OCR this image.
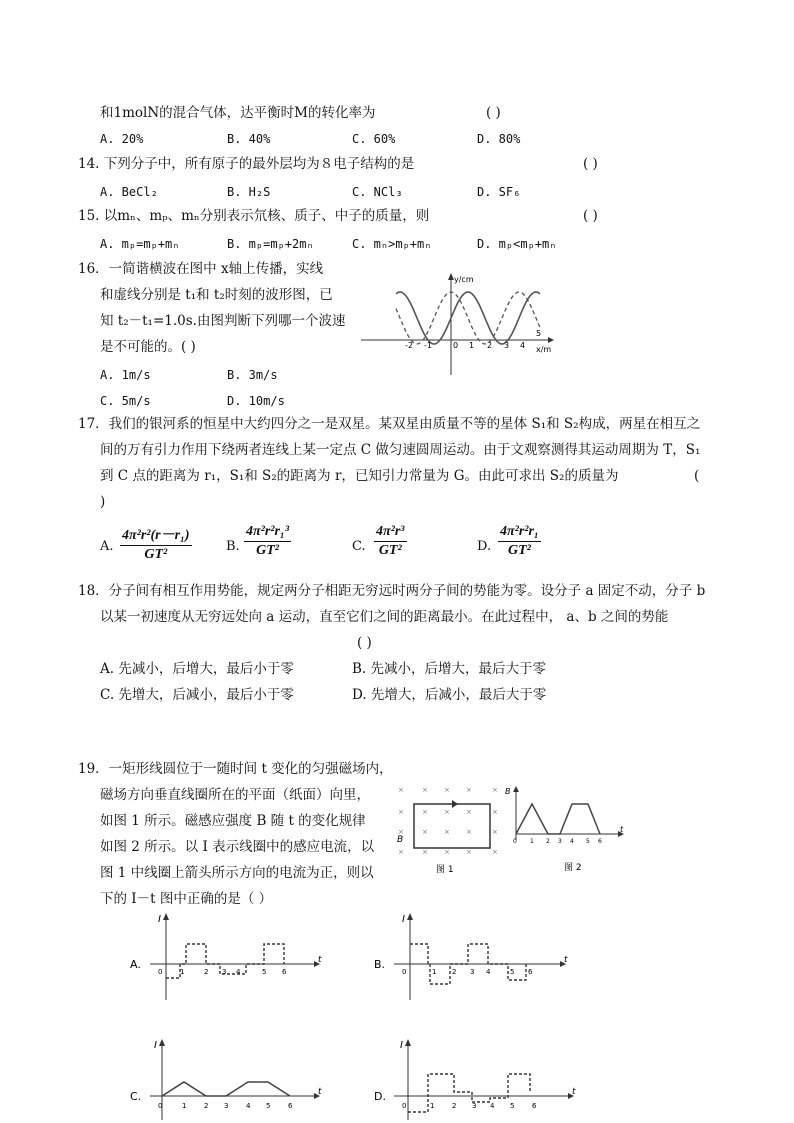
和1molN的混合气体，达平衡时M的转化率为	( )
A. 20%	B. 40%	C. 60%	D. 80%
14. 下列分子中，所有原子的最外层均为８电子结构的是	( )
A. BeCl₂	B. H₂S	C. NCl₃	D. SF₆
15. 以mₙ、mₚ、mₙ分别表示氘核、质子、中子的质量，则	( )
A. mₚ=mₚ+mₙ	B. mₚ=mₚ+2mₙ	C. mₙ>mₚ+mₙ	D. mₚ<mₚ+mₙ
16．一简谐横波在图中 x轴上传播，实线
和虚线分别是 t₁和 t₂时刻的波形图，已
知 t₂－t₁=1.0s.由图判断下列哪一个波速
是不可能的。( )
A. 1m/s	B. 3m/s
C. 5m/s	D. 10m/s
y/cm
x/m
-2 -1	0 1 2 3 4
5
17．我们的银河系的恒星中大约四分之一是双星。某双星由质量不等的星体 S₁和 S₂构成，两星在相互之
间的万有引力作用下绕两者连线上某一定点 C 做匀速圆周运动。由于文观察测得其运动周期为 T，S₁
到 C 点的距离为 r₁，S₁和 S₂的距离为 r，已知引力常量为 G。由此可求出 S₂的质量为	(
)
A. $\frac{\text{4π²r²(r－r₁)}}{\text{GT²}}$	B. $\frac{\text{4π²r²r₁³}}{\text{GT²}}$	C. $\frac{\text{4π²r³}}{\text{GT²}}$	D. $\frac{\text{4π²r²r₁}}{\text{GT²}}$
18．分子间有相互作用势能，规定两分子相距无穷远时两分子间的势能为零。设分子 a 固定不动，分子 b
以某一初速度从无穷远处向 a 运动，直至它们之间的距离最小。在此过程中， a、b 之间的势能
( )
A. 先减小，后增大，最后小于零	B. 先减小，后增大，最后大于零
C. 先增大，后减小，最后小于零	D. 先增大，后减小，最后大于零
19．一矩形线圆位于一随时间 t 变化的匀强磁场内，
磁场方向垂直线圈所在的平面（纸面）向里，
如图 1 所示。磁感应强度 B 随 t 的变化规律
如图 2 所示。以 I 表示线圈中的感应电流，以
图 1 中线圈上箭头所示方向的电流为正，则以
下的 I－t 图中正确的是（ ）
×	× × ×	×
×	× × ×	×
×	× × ×	×
×	× × ×	×
B
图 1
B
t
0 1 2 3 4 5 6
图 2
A.
I
t
0	1	2 3 4	5 6
B.
I
t
0	1 2 3 4	5 6
C.
I
t
0	1	2 3	4 5	6
D.
I
t
0	1	2 3 4 5	6
